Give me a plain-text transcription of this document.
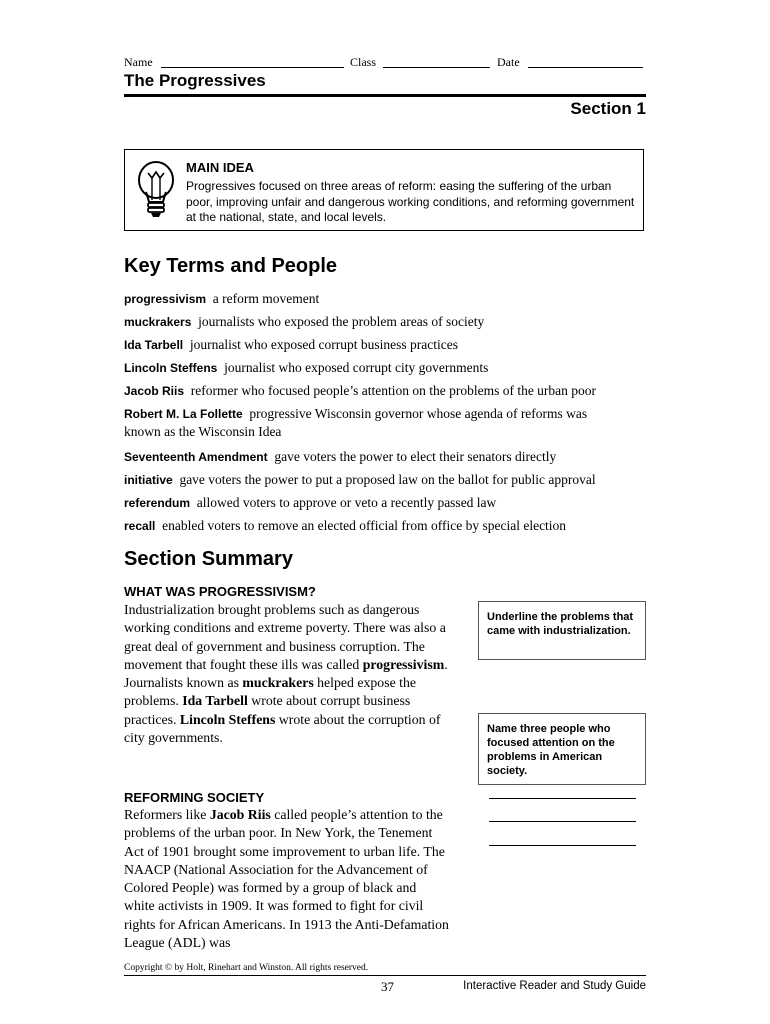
Name	Class	Date
The Progressives
Section 1
MAIN IDEA
Progressives focused on three areas of reform: easing the suffering of the urban poor, improving unfair and dangerous working conditions, and reforming government at the national, state, and local levels.
Key Terms and People
progressivism a reform movement
muckrakers journalists who exposed the problem areas of society
Ida Tarbell journalist who exposed corrupt business practices
Lincoln Steffens journalist who exposed corrupt city governments
Jacob Riis reformer who focused people’s attention on the problems of the urban poor
Robert M. La Follette progressive Wisconsin governor whose agenda of reforms was known as the Wisconsin Idea
Seventeenth Amendment gave voters the power to elect their senators directly
initiative gave voters the power to put a proposed law on the ballot for public approval
referendum allowed voters to approve or veto a recently passed law
recall enabled voters to remove an elected official from office by special election
Section Summary
WHAT WAS PROGRESSIVISM?
Industrialization brought problems such as dangerous working conditions and extreme poverty. There was also a great deal of government and business corruption. The movement that fought these ills was called progressivism. Journalists known as muckrakers helped expose the problems. Ida Tarbell wrote about corrupt business practices. Lincoln Steffens wrote about the corruption of city governments.
REFORMING SOCIETY
Reformers like Jacob Riis called people’s attention to the problems of the urban poor. In New York, the Tenement Act of 1901 brought some improvement to urban life. The NAACP (National Association for the Advancement of Colored People) was formed by a group of black and white activists in 1909. It was formed to fight for civil rights for African Americans. In 1913 the Anti-Defamation League (ADL) was
Underline the problems that came with industrialization.
Name three people who focused attention on the problems in American society.
Copyright © by Holt, Rinehart and Winston. All rights reserved.
37	Interactive Reader and Study Guide
